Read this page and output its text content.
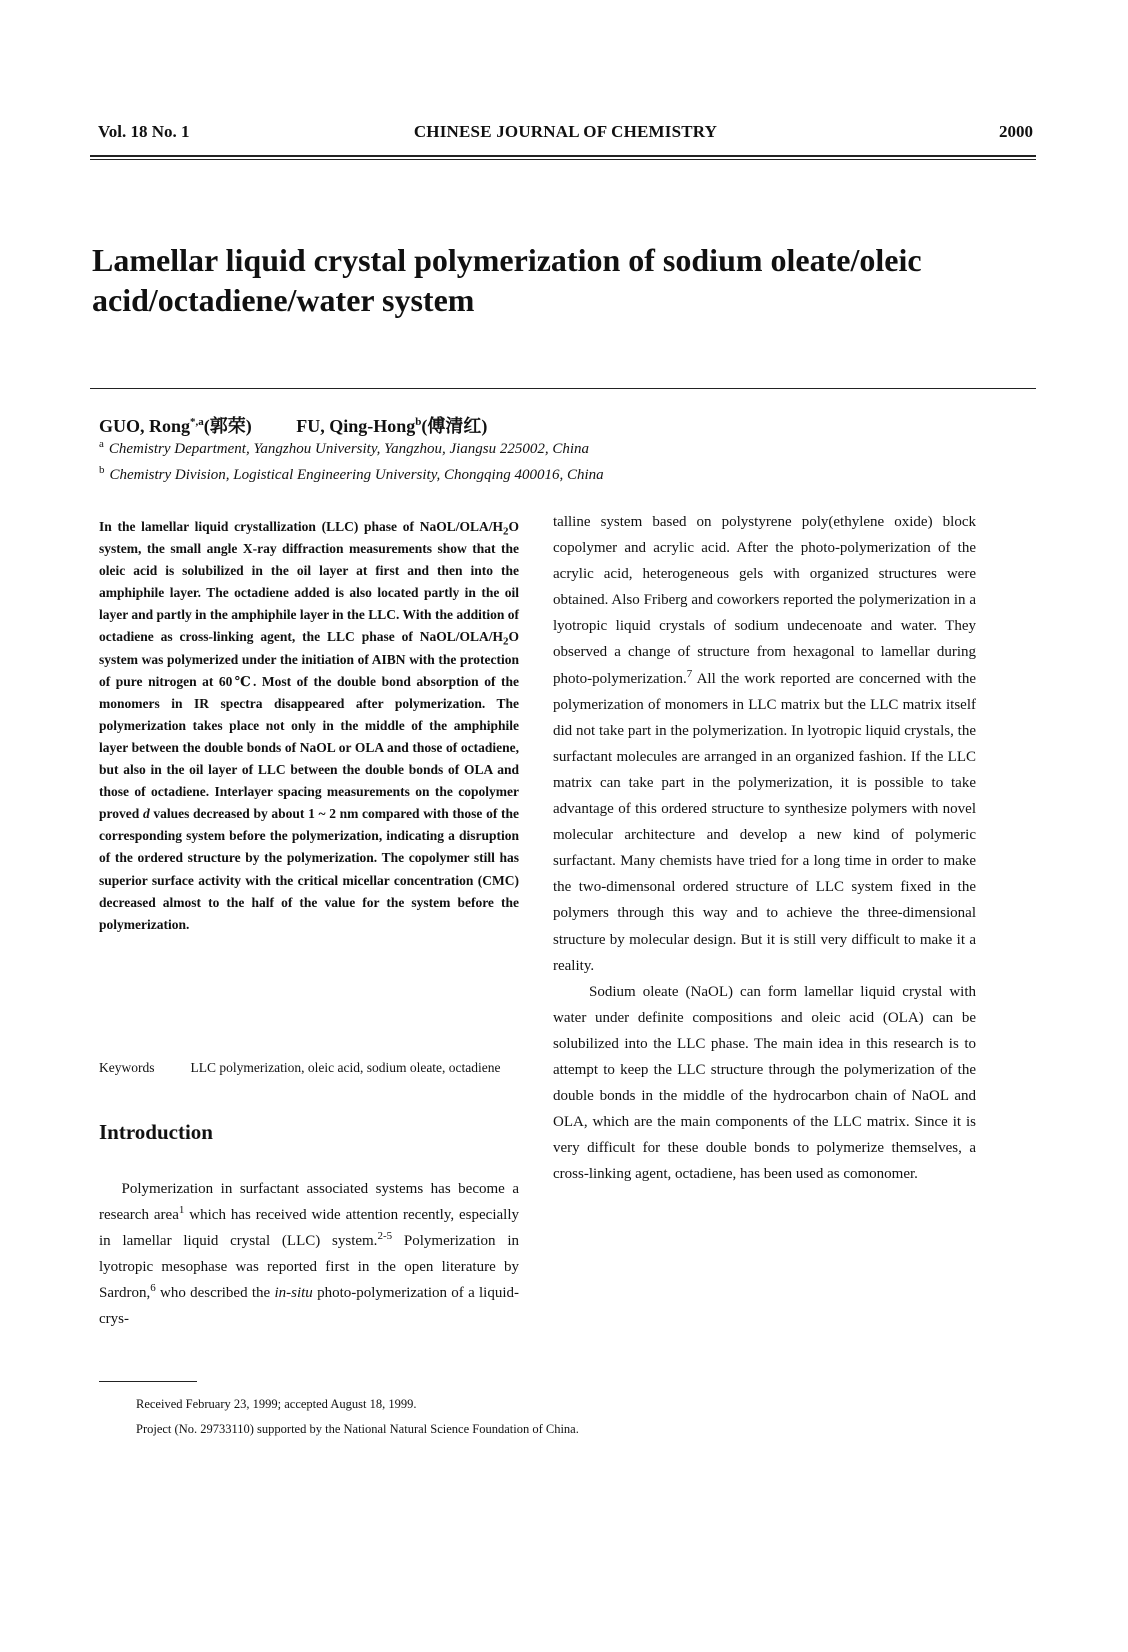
Vol. 18 No. 1	CHINESE JOURNAL OF CHEMISTRY	2000
Lamellar liquid crystal polymerization of sodium oleate/oleic acid/octadiene/water system
GUO, Rong$^{*,a}$(郭荣) FU, Qing-Hong$^b$(傅清红)
$^a$ Chemistry Department, Yangzhou University, Yangzhou, Jiangsu 225002, China
$^b$ Chemistry Division, Logistical Engineering University, Chongqing 400016, China

In the lamellar liquid crystallization (LLC) phase of NaOL/$OLA/H_2O$ system, the small angle X-ray diffraction measurements show that the oleic acid is solubilized in the oil layer at first and then into the amphiphile layer. The octadiene added is also located partly in the oil layer and partly in the amphiphile layer in the LLC. With the addition of octadiene as cross-linking agent, the LLC phase of NaOL/$OLA/H_2O$ system was polymerized under the initiation of AIBN with the protection of pure nitrogen at 60℃. Most of the double bond absorption of the monomers in IR spectra disappeared after polymerization. The polymerization takes place not only in the middle of the amphiphile layer between the double bonds of NaOL or OLA and those of octadiene, but also in the oil layer of LLC between the double bonds of OLA and those of octadiene. Interlayer spacing measurements on the copolymer proved d values decreased by about 1 ~ 2 nm compared with those of the corresponding system before the polymerization, indicating a disruption of the ordered structure by the polymerization. The copolymer still has superior surface activity with the critical micellar concentration (CMC) decreased almost to the half of the value for the system before the polymerization.

Keywords	LLC polymerization, oleic acid, sodium oleate, octadiene

Introduction

  Polymerization in surfactant associated systems has become a research area$^1$ which has received wide attention recently, especially in lamellar liquid crystal (LLC) system.$^{2-5}$ Polymerization in lyotropic mesophase was reported first in the open literature by Sardron,$^6$ who described the in-situ photo-polymerization of a liquid-crys-

talline system based on polystyrene poly(ethylene oxide) block copolymer and acrylic acid. After the photo-polymerization of the acrylic acid, heterogeneous gels with organized structures were obtained. Also Friberg and coworkers reported the polymerization in a lyotropic liquid crystals of sodium undecenoate and water. They observed a change of structure from hexagonal to lamellar during photo-polymerization.$^7$ All the work reported are concerned with the polymerization of monomers in LLC matrix but the LLC matrix itself did not take part in the polymerization. In lyotropic liquid crystals, the surfactant molecules are arranged in an organized fashion. If the LLC matrix can take part in the polymerization, it is possible to take advantage of this ordered structure to synthesize polymers with novel molecular architecture and develop a new kind of polymeric surfactant. Many chemists have tried for a long time in order to make the two-dimensonal ordered structure of LLC system fixed in the polymers through this way and to achieve the three-dimensional structure by molecular design. But it is still very difficult to make it a reality.

Sodium oleate (NaOL) can form lamellar liquid crystal with water under definite compositions and oleic acid (OLA) can be solubilized into the LLC phase. The main idea in this research is to attempt to keep the LLC structure through the polymerization of the double bonds in the middle of the hydrocarbon chain of NaOL and OLA, which are the main components of the LLC matrix. Since it is very difficult for these double bonds to polymerize themselves, a cross-linking agent, octadiene, has been used as comonomer.

Received February 23, 1999; accepted August 18, 1999.
Project (No. 29733110) supported by the National Natural Science Foundation of China.
